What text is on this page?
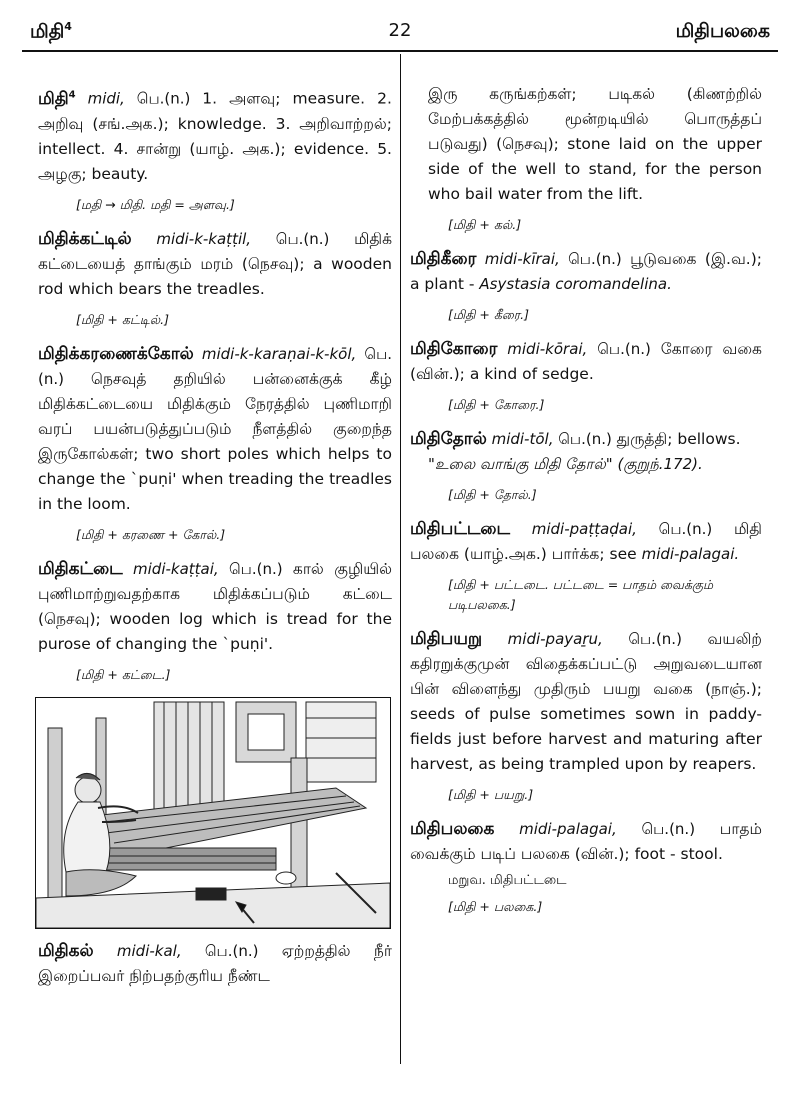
மிதி$^4$	22	மிதிபலகை

மிதி$^4$ midi, பெ.(n.) 1. அளவு; measure. 2. அறிவு (சங்.அக.); knowledge. 3. அறிவாற்றல்; intellect. 4. சான்று (யாழ். அக.); evidence. 5. அழகு; beauty.

[மதி → மிதி. மதி = அளவு.]

மிதிக்கட்டில் midi-k-kaṭṭil, பெ.(n.) மிதிக் கட்டையைத் தாங்கும் மரம் (நெசவு); a wooden rod which bears the treadles.

[மிதி + கட்டில்.]

மிதிக்கரணைக்கோல் midi-k-karaṇai-k-kōl, பெ.(n.) நெசவுத் தறியில் பன்னைக்குக் கீழ் மிதிக்கட்டையை மிதிக்கும் நேரத்தில் புணிமாறி வரப் பயன்படுத்துப்படும் நீளத்தில் குறைந்த இருகோல்கள்; two short poles which helps to change the `puṇi' when treading the treadles in the loom.

[மிதி + கரணை + கோல்.]

மிதிகட்டை midi-kaṭṭai, பெ.(n.) கால் குழியில் புணிமாற்றுவதற்காக மிதிக்கப்படும் கட்டை (நெசவு); wooden log which is tread for the purose of changing the `puṇi'.

[மிதி + கட்டை.]

மிதிகல் midi-kal, பெ.(n.) ஏற்றத்தில் நீர் இறைப்பவர் நிற்பதற்குரிய நீண்ட

இரு கருங்கற்கள்; படிகல் (கிணற்றில் மேற்பக்கத்தில் மூன்றடியில் பொருத்தப் படுவது) (நெசவு); stone laid on the upper side of the well to stand, for the person who bail water from the lift.

[மிதி + கல்.]

மிதிகீரை midi-kīrai, பெ.(n.) பூடுவகை (இ.வ.); a plant - Asystasia coromandelina.

[மிதி + கீரை.]

மிதிகோரை midi-kōrai, பெ.(n.) கோரை வகை (வின்.); a kind of sedge.

[மிதி + கோரை.]

மிதிதோல் midi-tōl, பெ.(n.) துருத்தி; bellows.
"உலை வாங்கு மிதி தோல்" (குறுந்.172).

[மிதி + தோல்.]

மிதிபட்டடை midi-paṭṭaḍai, பெ.(n.) மிதி பலகை (யாழ்.அக.) பார்க்க; see midi-palagai.

[மிதி + பட்டடை. பட்டடை = பாதம் வைக்கும் படிபலகை.]

மிதிபயறு midi-payaṟu, பெ.(n.) வயலிற் கதிரறுக்குமுன் விதைக்கப்பட்டு அறுவடையான பின் விளைந்து முதிரும் பயறு வகை (நாஞ்.); seeds of pulse sometimes sown in paddy-fields just before harvest and maturing after harvest, as being trampled upon by reapers.

[மிதி + பயறு.]

மிதிபலகை midi-palagai, பெ.(n.) பாதம் வைக்கும் படிப் பலகை (வின்.); foot - stool.

மறுவ. மிதிபட்டடை
[மிதி + பலகை.]
